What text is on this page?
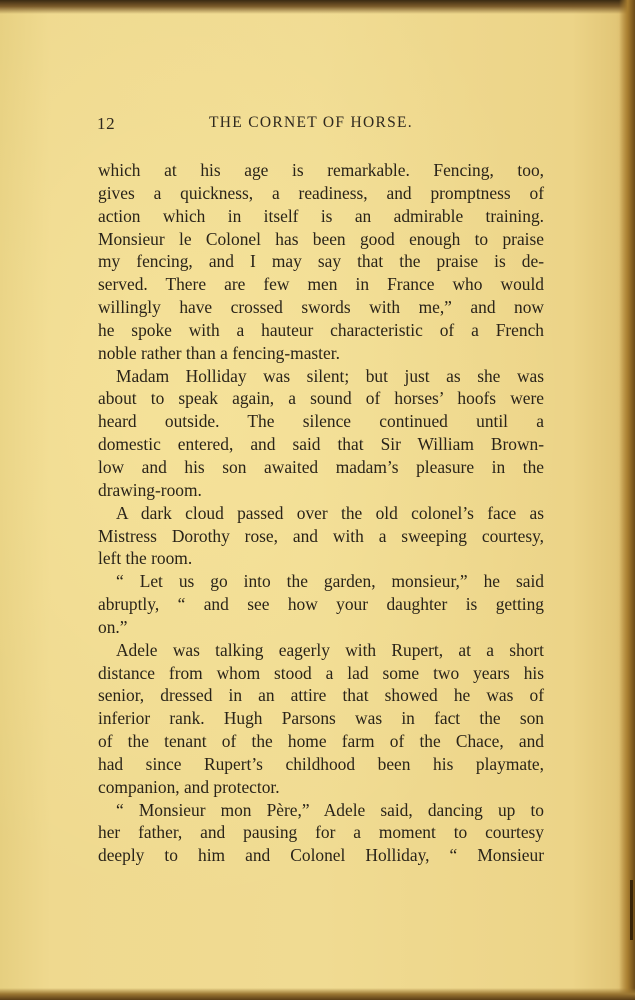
12	THE CORNET OF HORSE.
which at his age is remarkable. Fencing, too,
gives a quickness, a readiness, and promptness of
action which in itself is an admirable training.
Monsieur le Colonel has been good enough to praise
my fencing, and I may say that the praise is de-
served. There are few men in France who would
willingly have crossed swords with me,” and now
he spoke with a hauteur characteristic of a French
noble rather than a fencing-master.
Madam Holliday was silent; but just as she was
about to speak again, a sound of horses’ hoofs were
heard outside. The silence continued until a
domestic entered, and said that Sir William Brown-
low and his son awaited madam’s pleasure in the
drawing-room.
A dark cloud passed over the old colonel’s face as
Mistress Dorothy rose, and with a sweeping courtesy,
left the room.
“ Let us go into the garden, monsieur,” he said
abruptly, “ and see how your daughter is getting
on.”
Adele was talking eagerly with Rupert, at a short
distance from whom stood a lad some two years his
senior, dressed in an attire that showed he was of
inferior rank. Hugh Parsons was in fact the son
of the tenant of the home farm of the Chace, and
had since Rupert’s childhood been his playmate,
companion, and protector.
“ Monsieur mon Père,” Adele said, dancing up to
her father, and pausing for a moment to courtesy
deeply to him and Colonel Holliday, “ Monsieur
